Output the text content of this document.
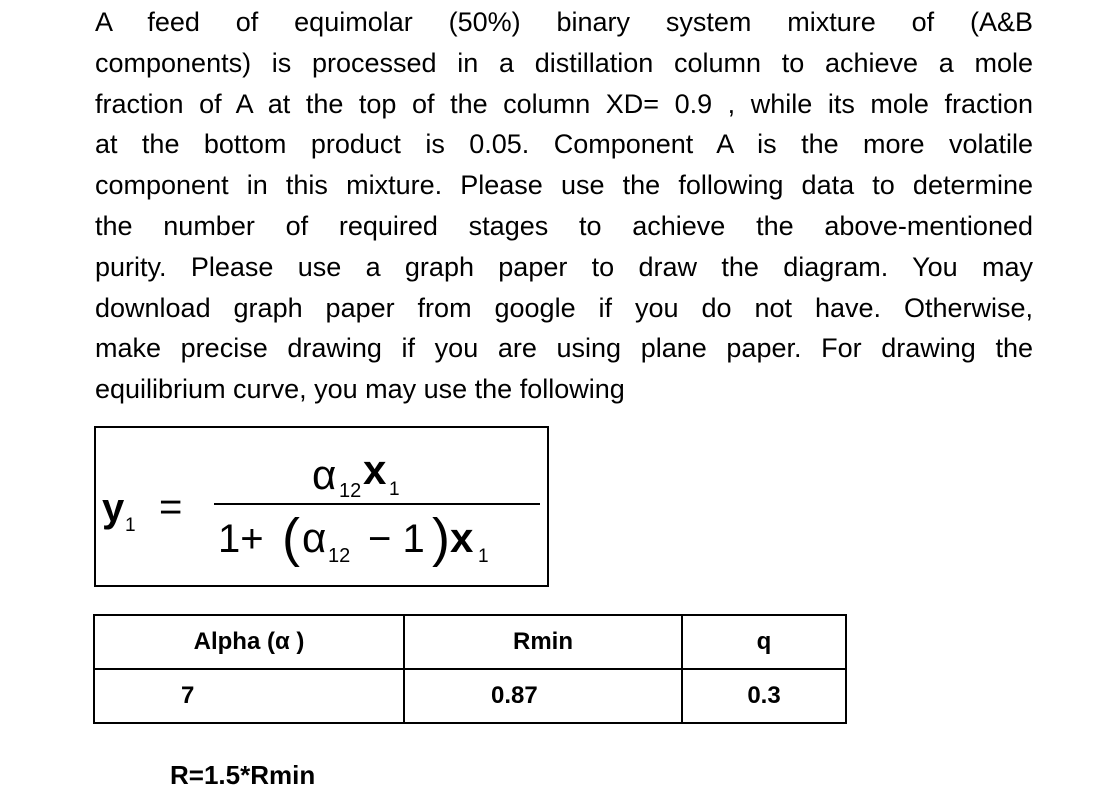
A feed of equimolar (50%) binary system mixture of (A&B
components) is processed in a distillation column to achieve a mole
fraction of A at the top of the column XD= 0.9 , while its mole fraction
at the bottom product is 0.05. Component A is the more volatile
component in this mixture. Please use the following data to determine
the number of required stages to achieve the above-mentioned
purity. Please use a graph paper to draw the diagram. You may
download graph paper from google if you do not have. Otherwise,
make precise drawing if you are using plane paper. For drawing the
equilibrium curve, you may use the following
y 1 =
α 12 x 1
1+ ( α 12 − 1 ) x 1
Alpha (α )	Rmin	q
7	0.87	0.3
R=1.5*Rmin
